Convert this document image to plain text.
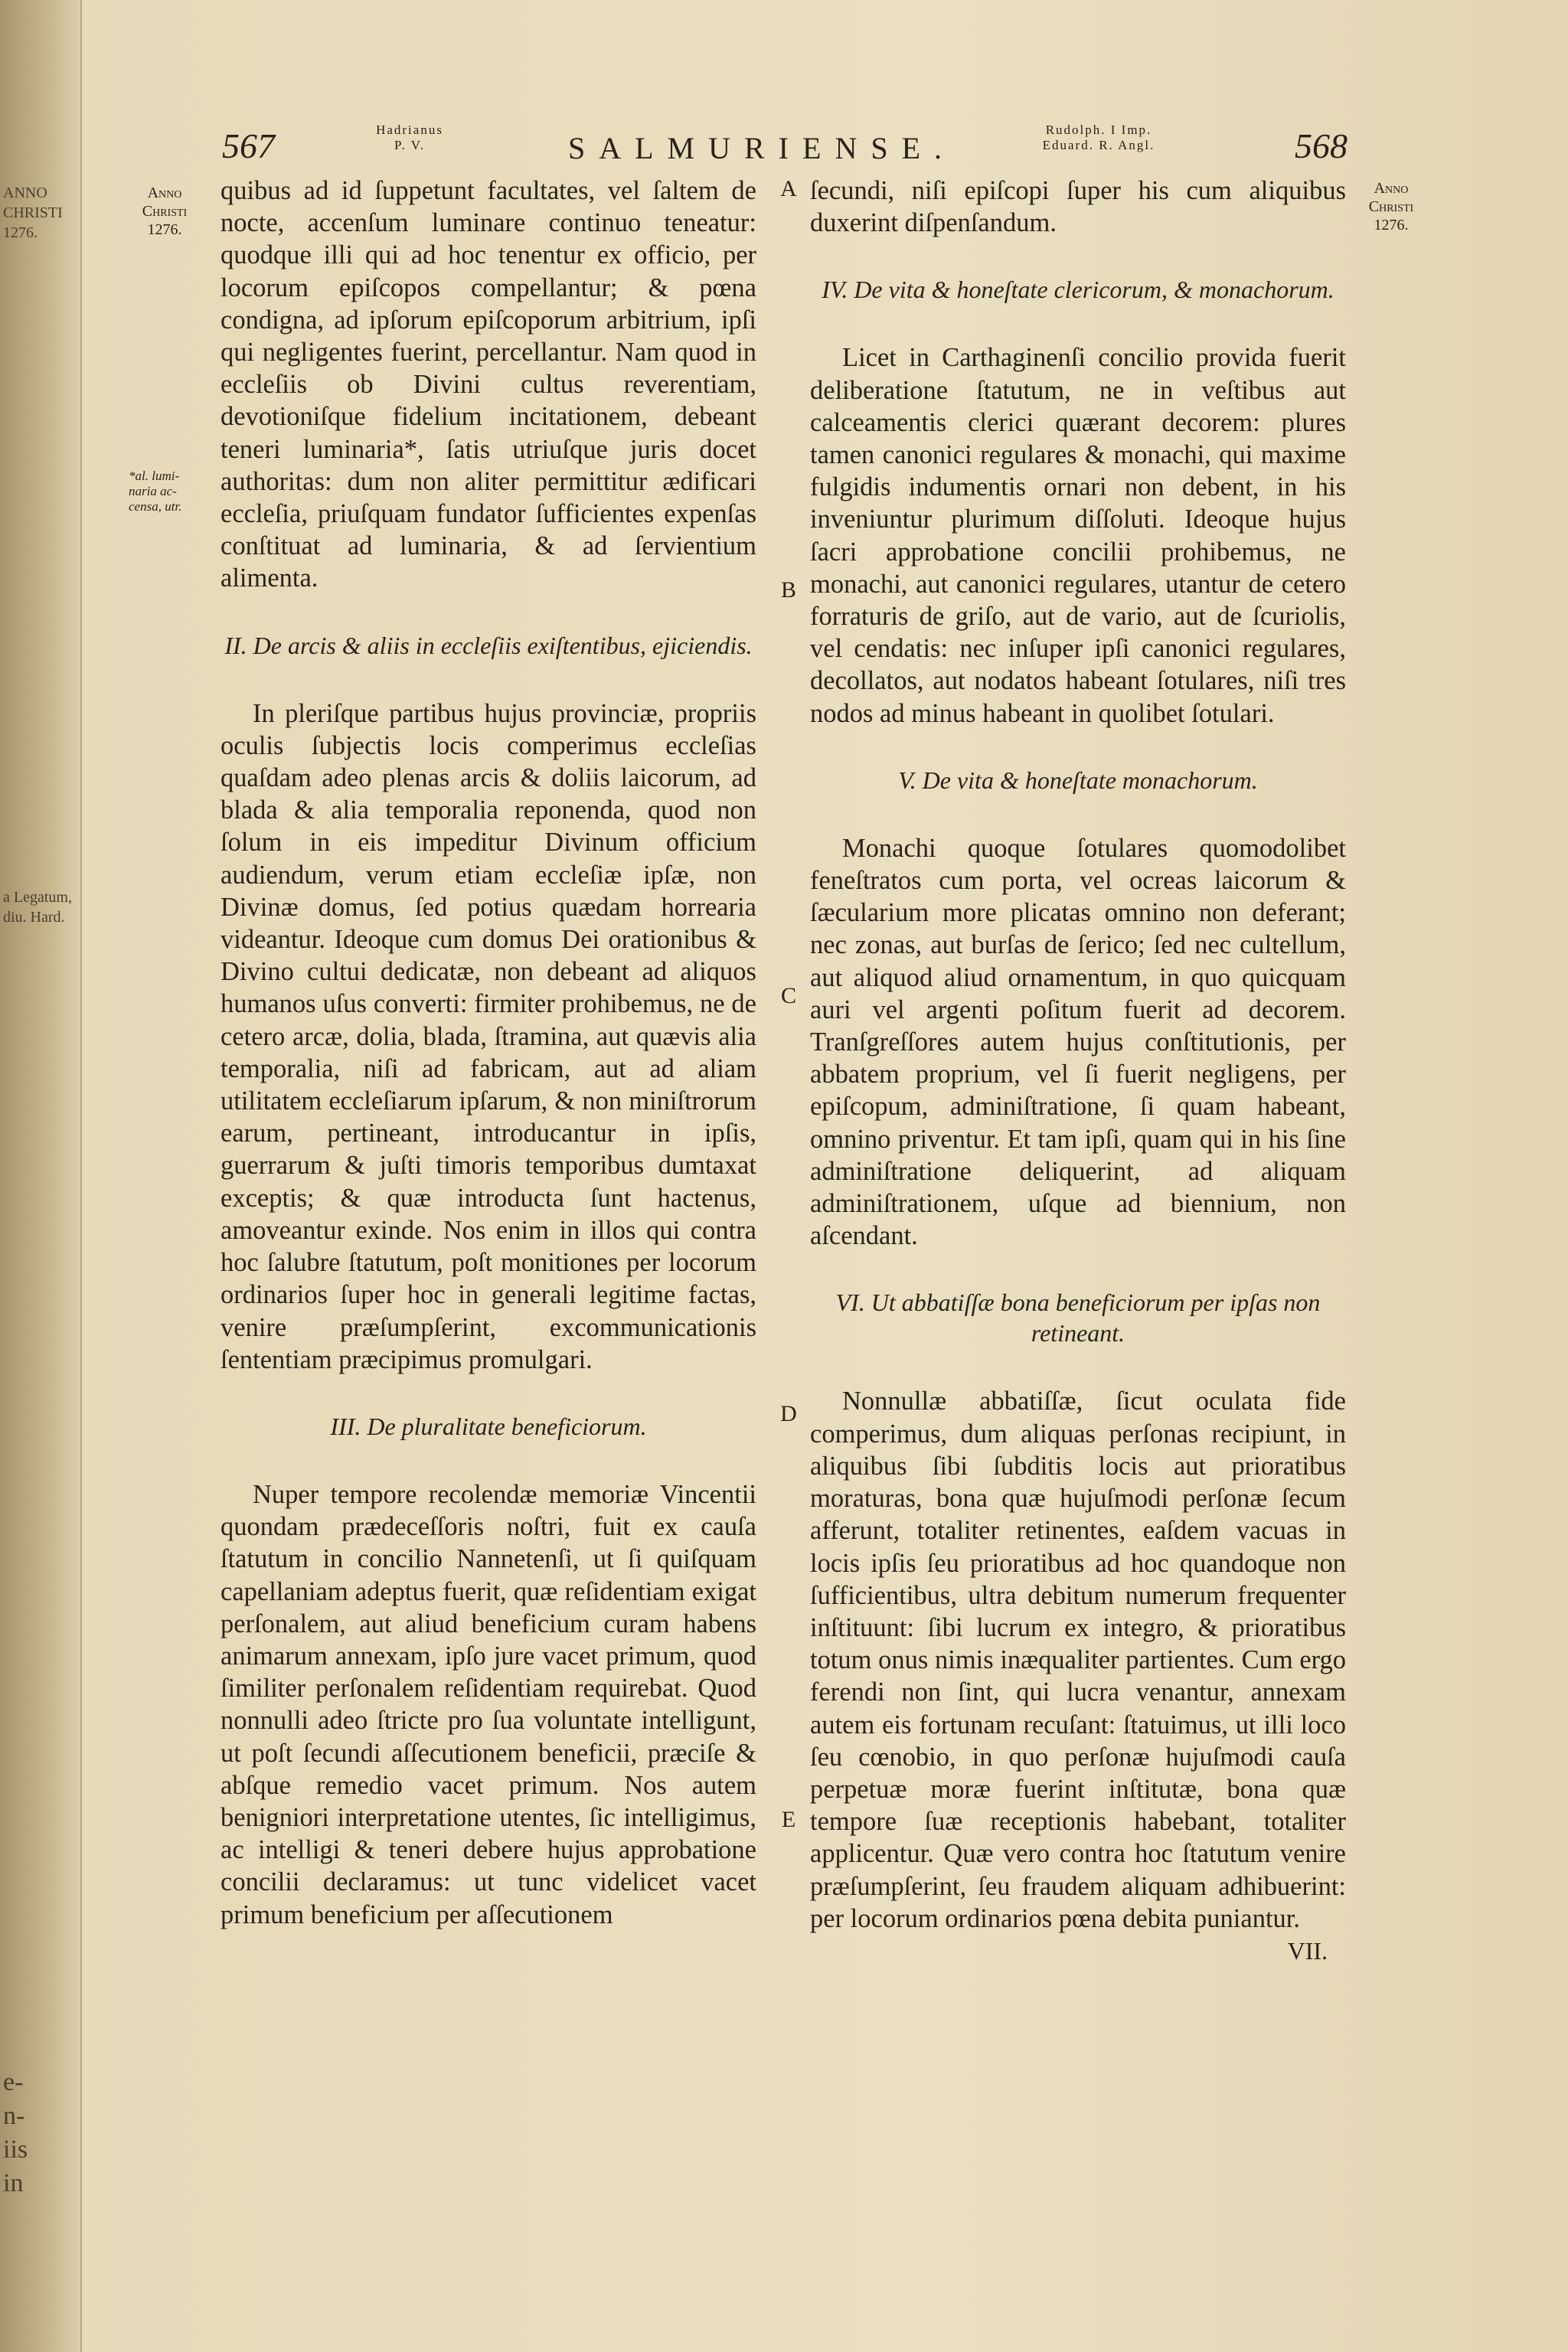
ANNO
CHRISTI
1276.
a Legatum,
diu. Hard.
e-
n-
iis
in
567	Hadrianus
P. V.	SALMURIENSE.
Rudolph. I Imp.
Eduard. R. Angl.	568
Anno
Christi
1276.
Anno
Christi
1276.
*al. lumi-
naria ac-
censa, utr.
A
B
C
D
E

quibus ad id ſuppetunt facultates, vel ſaltem de nocte, accenſum luminare continuo teneatur: quodque illi qui ad hoc tenentur ex officio, per locorum epiſcopos compellantur; & pœna condigna, ad ipſorum epiſcoporum arbitrium, ipſi qui negligentes fuerint, percellantur. Nam quod in eccleſiis ob Divini cultus reverentiam, devotioniſque fidelium incitationem, debeant teneri luminaria*, ſatis utriuſque juris docet authoritas: dum non aliter permittitur ædificari eccleſia, priuſquam fundator ſufficientes expenſas conſtituat ad luminaria, & ad ſervientium alimenta.

II. De arcis & aliis in eccleſiis exiſtentibus, ejiciendis.

In pleriſque partibus hujus provinciæ, propriis oculis ſubjectis locis comperimus eccleſias quaſdam adeo plenas arcis & doliis laicorum, ad blada & alia temporalia reponenda, quod non ſolum in eis impeditur Divinum officium audiendum, verum etiam eccleſiæ ipſæ, non Divinæ domus, ſed potius quædam horrearia videantur. Ideoque cum domus Dei orationibus & Divino cultui dedicatæ, non debeant ad aliquos humanos uſus converti: firmiter prohibemus, ne de cetero arcæ, dolia, blada, ſtramina, aut quævis alia temporalia, niſi ad fabricam, aut ad aliam utilitatem eccleſiarum ipſarum, & non miniſtrorum earum, pertineant, introducantur in ipſis, guerrarum & juſti timoris temporibus dumtaxat exceptis; & quæ introducta ſunt hactenus, amoveantur exinde. Nos enim in illos qui contra hoc ſalubre ſtatutum, poſt monitiones per locorum ordinarios ſuper hoc in generali legitime factas, venire præſumpſerint, excommunicationis ſententiam præcipimus promulgari.

III. De pluralitate beneficiorum.

Nuper tempore recolendæ memoriæ Vincentii quondam prædeceſſoris noſtri, fuit ex cauſa ſtatutum in concilio Nannetenſi, ut ſi quiſquam capellaniam adeptus fuerit, quæ reſidentiam exigat perſonalem, aut aliud beneficium curam habens animarum annexam, ipſo jure vacet primum, quod ſimiliter perſonalem reſidentiam requirebat. Quod nonnulli adeo ſtricte pro ſua voluntate intelligunt, ut poſt ſecundi aſſecutionem beneficii, præciſe & abſque remedio vacet primum. Nos autem benigniori interpretatione utentes, ſic intelligimus, ac intelligi & teneri debere hujus approbatione concilii declaramus: ut tunc videlicet vacet primum beneficium per aſſecutionem

ſecundi, niſi epiſcopi ſuper his cum aliquibus duxerint diſpenſandum.

IV. De vita & honeſtate clericorum, & monachorum.

Licet in Carthaginenſi concilio provida fuerit deliberatione ſtatutum, ne in veſtibus aut calceamentis clerici quærant decorem: plures tamen canonici regulares & monachi, qui maxime fulgidis indumentis ornari non debent, in his inveniuntur plurimum diſſoluti. Ideoque hujus ſacri approbatione concilii prohibemus, ne monachi, aut canonici regulares, utantur de cetero forraturis de griſo, aut de vario, aut de ſcuriolis, vel cendatis: nec inſuper ipſi canonici regulares, decollatos, aut nodatos habeant ſotulares, niſi tres nodos ad minus habeant in quolibet ſotulari.

V. De vita & honeſtate monachorum.

Monachi quoque ſotulares quomodolibet feneſtratos cum porta, vel ocreas laicorum & ſæcularium more plicatas omnino non deferant; nec zonas, aut burſas de ſerico; ſed nec cultellum, aut aliquod aliud ornamentum, in quo quicquam auri vel argenti poſitum fuerit ad decorem. Tranſgreſſores autem hujus conſtitutionis, per abbatem proprium, vel ſi fuerit negligens, per epiſcopum, adminiſtratione, ſi quam habeant, omnino priventur. Et tam ipſi, quam qui in his ſine adminiſtratione deliquerint, ad aliquam adminiſtrationem, uſque ad biennium, non aſcendant.

VI. Ut abbatiſſæ bona beneficiorum per ipſas non retineant.

Nonnullæ abbatiſſæ, ſicut oculata fide comperimus, dum aliquas perſonas recipiunt, in aliquibus ſibi ſubditis locis aut prioratibus moraturas, bona quæ hujuſmodi perſonæ ſecum afferunt, totaliter retinentes, eaſdem vacuas in locis ipſis ſeu prioratibus ad hoc quandoque non ſufficientibus, ultra debitum numerum frequenter inſtituunt: ſibi lucrum ex integro, & prioratibus totum onus nimis inæqualiter partientes. Cum ergo ferendi non ſint, qui lucra venantur, annexam autem eis fortunam recuſant: ſtatuimus, ut illi loco ſeu cœnobio, in quo perſonæ hujuſmodi cauſa perpetuæ moræ fuerint inſtitutæ, bona quæ tempore ſuæ receptionis habebant, totaliter applicentur. Quæ vero contra hoc ſtatutum venire præſumpſerint, ſeu fraudem aliquam adhibuerint: per locorum ordinarios pœna debita puniantur.

VII.
